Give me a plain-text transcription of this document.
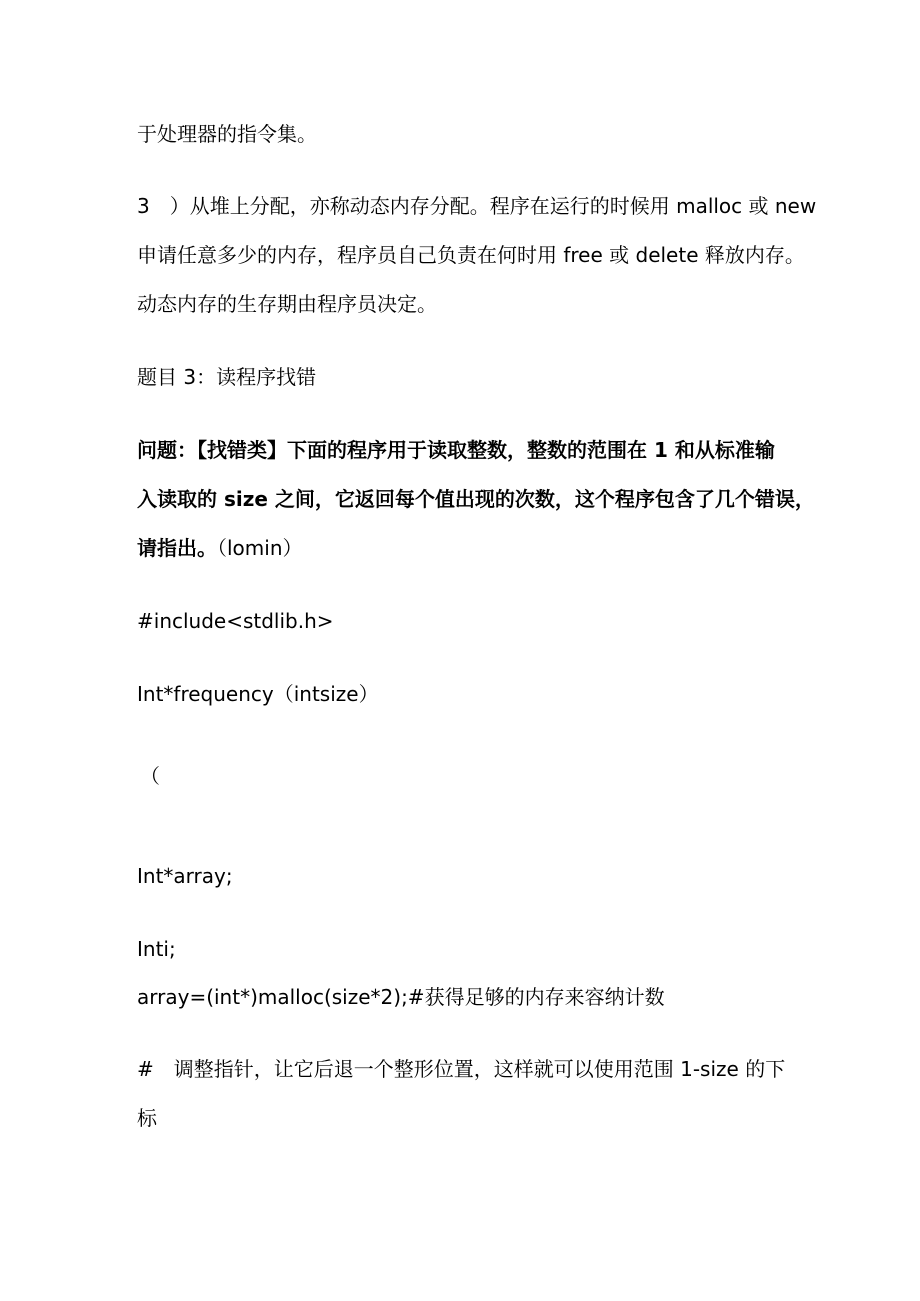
于处理器的指令集。
3　）从堆上分配，亦称动态内存分配。程序在运行的时候用 malloc 或 new
申请任意多少的内存，程序员自己负责在何时用 free 或 delete 释放内存。
动态内存的生存期由程序员决定。
题目 3：读程序找错
问题：【找错类】下面的程序用于读取整数，整数的范围在 1 和从标准输
入读取的 size 之间，它返回每个值出现的次数，这个程序包含了几个错误，
请指出。（lomin）
#include<stdlib.h>
Int*frequency（intsize）
（
Int*array;
Inti;
array=(int*)malloc(size*2);#获得足够的内存来容纳计数
#　调整指针，让它后退一个整形位置，这样就可以使用范围 1-size 的下
标
